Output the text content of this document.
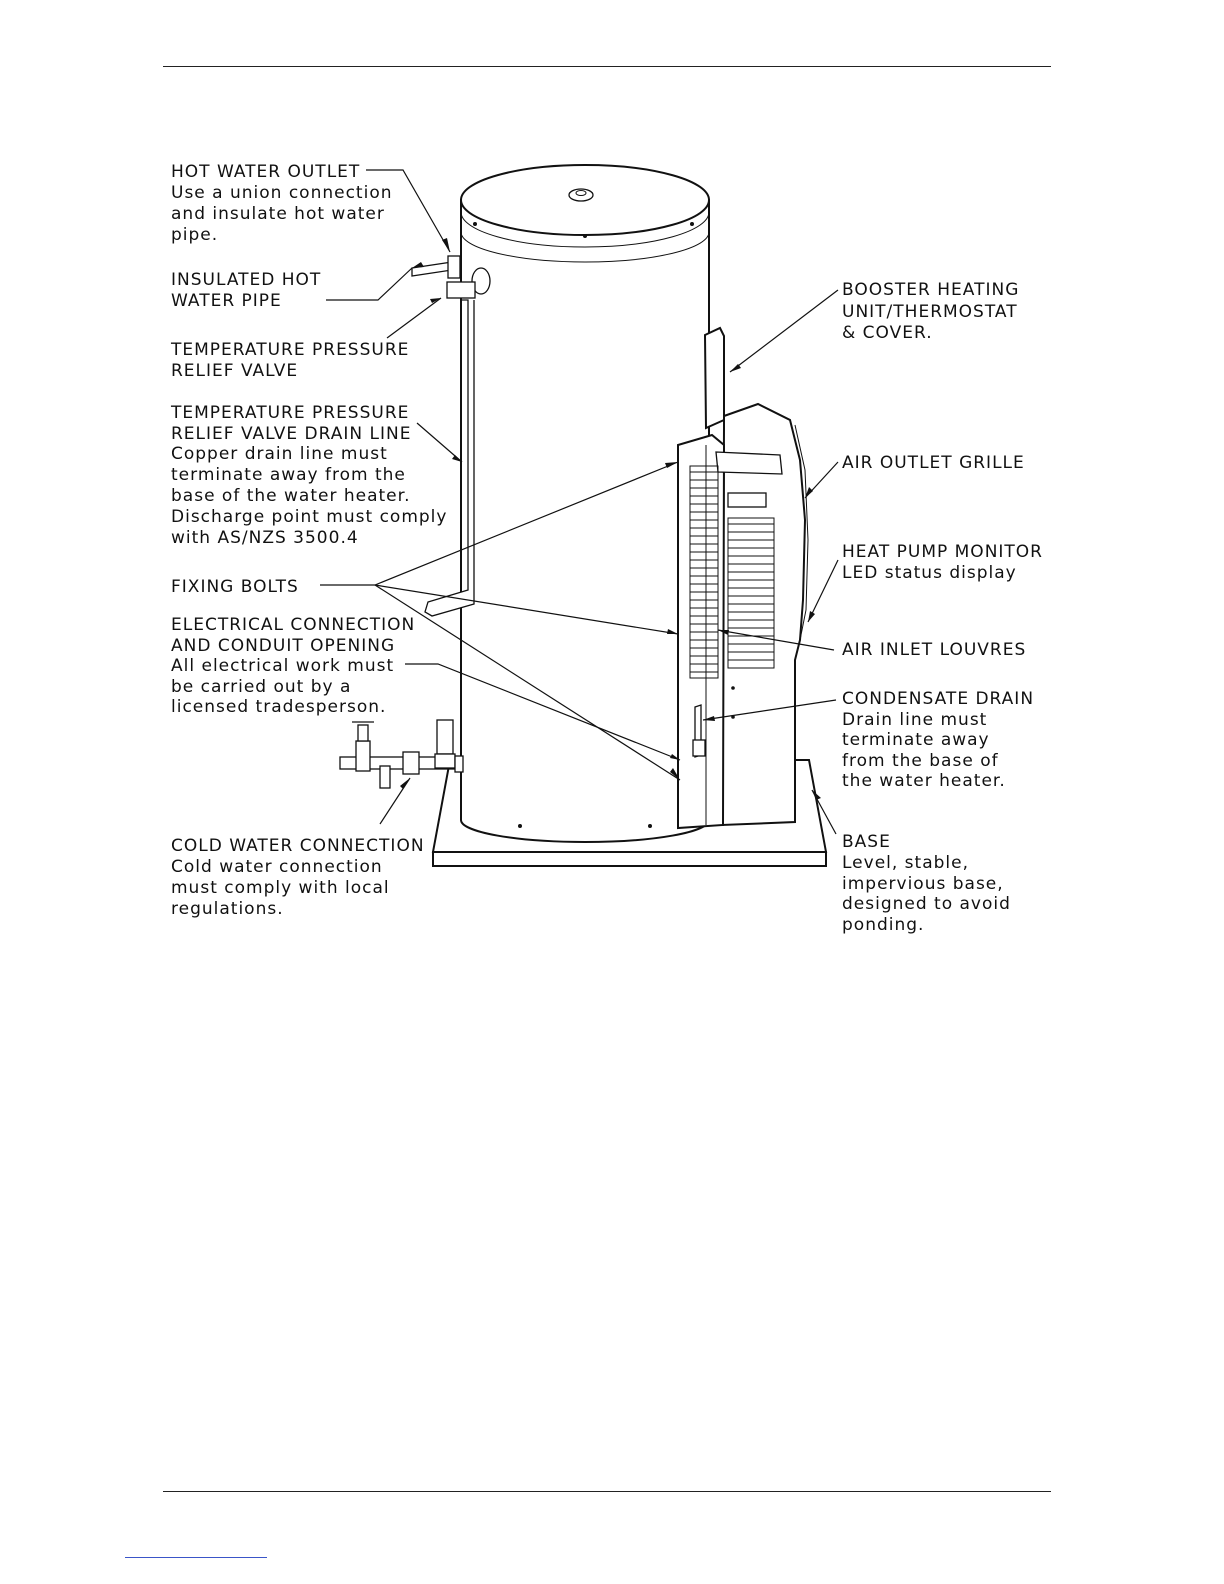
HOT WATER OUTLET Use a union connection and insulate hot water pipe.
INSULATED HOT WATER PIPE
TEMPERATURE PRESSURE RELIEF VALVE
TEMPERATURE PRESSURE RELIEF VALVE DRAIN LINE Copper drain line must terminate away from the base of the water heater. Discharge point must comply with AS/NZS 3500.4
FIXING BOLTS
ELECTRICAL CONNECTION AND CONDUIT OPENING All electrical work must be carried out by a licensed tradesperson.
COLD WATER CONNECTION Cold water connection must comply with local regulations.
BOOSTER HEATING UNIT/THERMOSTAT & COVER.
AIR OUTLET GRILLE
HEAT PUMP MONITOR LED status display
AIR INLET LOUVRES
CONDENSATE DRAIN Drain line must terminate away from the base of the water heater.
BASE Level, stable, impervious base, designed to avoid ponding.
